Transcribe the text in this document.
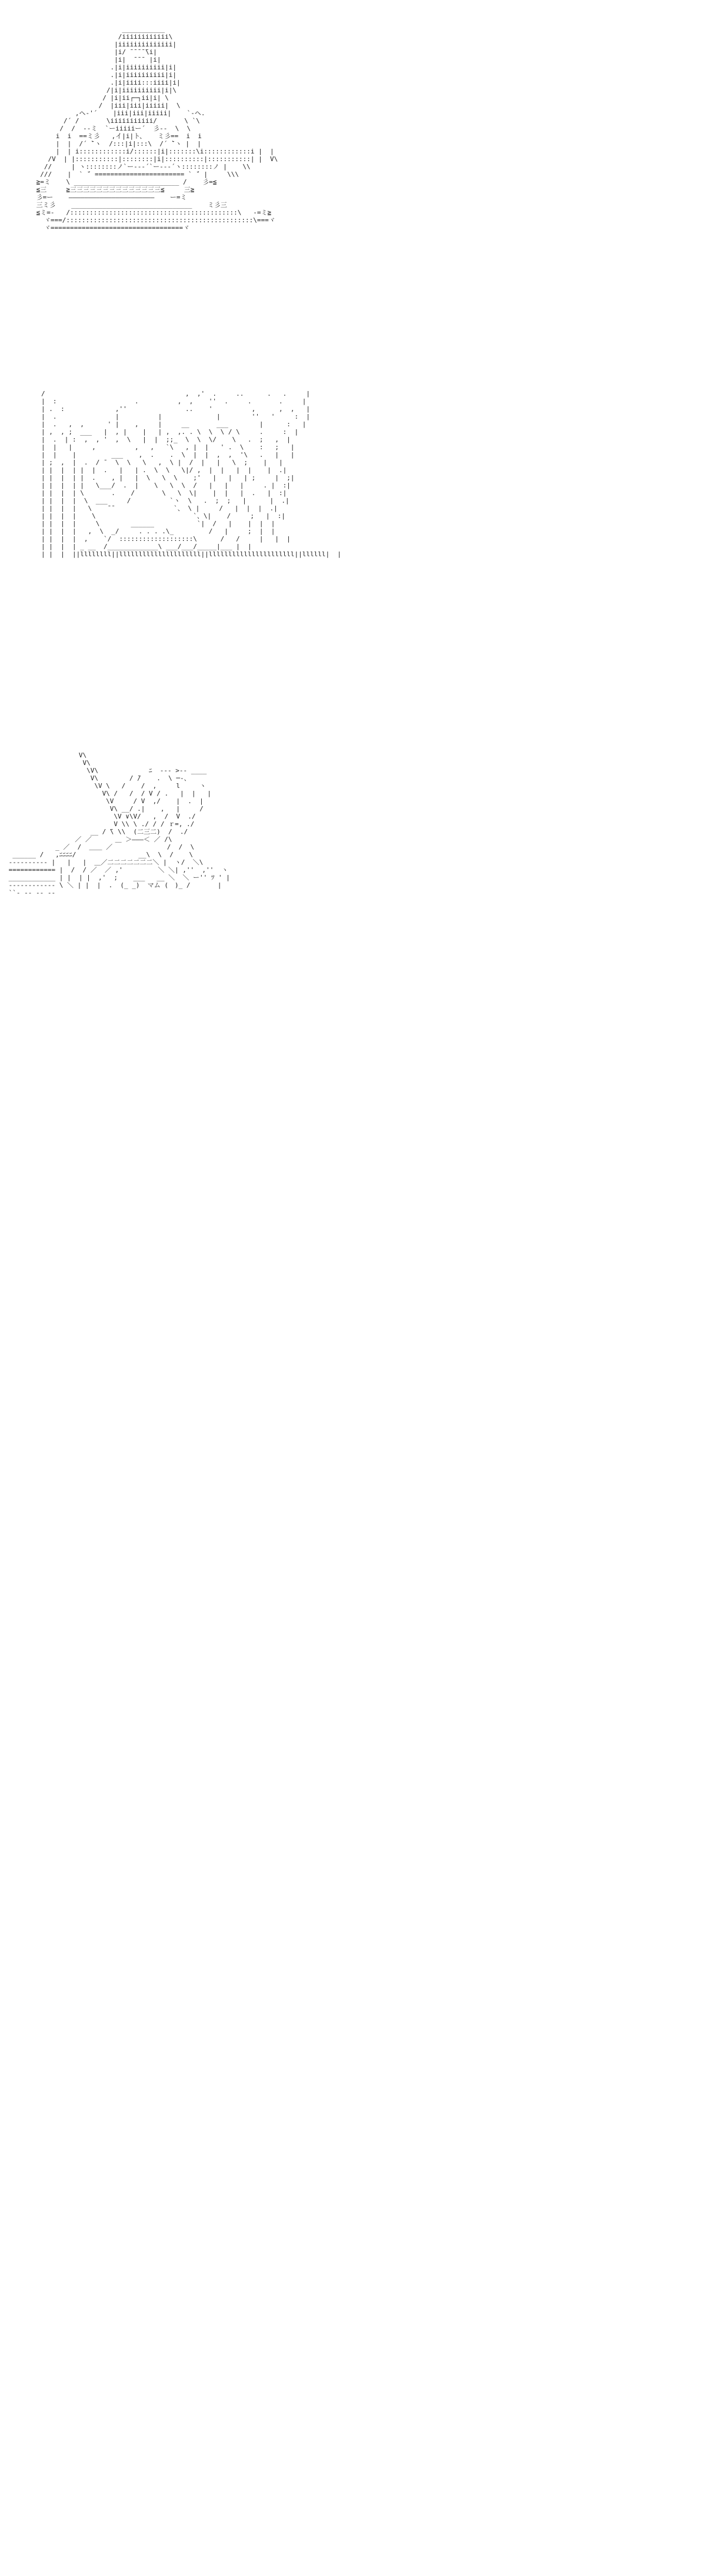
___________
/iiiiiiiiiiii\
|iiiiiiiiiiiiii|
|i/ ̄ ̄ ̄ ̄ ̄\i|
|i|  ̄ ̄ ̄  |i|
.|i|iiiiiiiiii|i|
.|i|iiiiiiiiii|i|
.|i|iiii:::iiii|i|
/|i|iiiiiiiiii|i|\
/ |i|ii┌─┐ii|i| \
/  |iii|iii|iiiii|  \
,ヘ‐'´    |iii|iii|iiiii|    `‐ヘ.
/´ /       \iiiiiiiiiii/       \ `\
/  /  ‐-ミ  `ーiiiiiー´  彡-‐  \  \
i  i  ==ミ彡   ,イ|i|ト、   ミ彡==  i  i
|  |  /´ ̄`ヽ  /:::|i|:::\  /´ ̄`ヽ |  |
|  | i::::::::::::i/::::::|i|:::::::\i::::::::::::i |  |
/V  | |:::::::::::|::::::::|i|::::::::::|:::::::::::| |  V\
//     | ヽ::::::::ノ`ー--‐´`ー--‐´ヽ::::::::ノ |    \\
///    |  ` ̄´ ======================= ` ̄´ |     \\\
≧=ミ    \ ___________________________ /    彡=≦
≦三     ≧三三三三三三三三三三三三三三≦     三≧
彡=ー    ――――――――――――――――――――――    ー=ミ
三ミ彡    _______________________________    ミ彡三
≦ミ=‐   /:::::::::::::::::::::::::::::::::::::::::::\   ‐=ミ≧
ヾ===/::::::::::::::::::::::::::::::::::::::::::::::::\===ヾ
ヾ==================================ヾ

/                                    ,  ,'  .     ..      .   .     |
|  :                    .          ,  ,    ''  .     .       .     |
| .  :             ,''               ..    '          ,      ,  ,   |
|  .               |          |              |        ''   '     :  |
|  .   ,  ,      ' |    ,     |     __       ___        |      :   |
| ,  , ;  ___   |  , |    |   | ,  ,. . \  \  \ / \     .     :  |
|  .  | :  ,  , '  ,  \   |  |  ;;_  \  \  \/    \   .  ;   ,  |
|  |   |     ,          ,   ,   `\   , |  |   ' .  \    :   ;   |
|  |    |         ___    ,  .    .  \  |  |  ,  ,  '\   .   |   |
| ;  ,  |  .  / ̄   \  \   \   ,  \ |  /  |   |   \  ;    |   |
| |  |  | |  |  .   |   | .  \  \   \|/ ,  |  |   |  |    |  .|
| |  |  | |  .    , |   |  \   \  \    ;'   |   |   | ;     |  ;|
| |  |  | |   \___/  .  |    \   \  \  /   |   |   |     . |  :|
| |  |  | \       .    /       \   \  \|    |  |   |  .   |  :|
| |  |  |  \  ___     /          `ヽ  \   .  ;  ;   |      |  .|
| |  |  |   \    ̄ ̄                `、 \ |     /   |  |  |  .|
| |  |  |    \                         `、\|    /     ;   |  :|
| |  |  |     \        ______           `|  /   |    |  |  |
| |  |  |   ,  \  _/     . . . .\_         /   |     ;  |  |
| |  |  |  ,    `/  :::::::::::::::::::\      /   /     |   |  |
| |  |  | _ __  /_____________\ ___/___/_____|___ |  |
| |  |  ||llllllll||lllllllllllllllllllll||llllllllllllllllllllll||llllll|  |

V\
V\
\V\             ﾆ  ‐‐‐ >‐‐ ____
V\        / ̄/    .  \ ─‐、
\V \   /    /  ,     l     ヽ
V\ /   /  / V / .   |  |   |
\V     / V  ,/    |  .  |
V\ __/ .|    ,   |     /
\V ∨\V/   ,  /  V  ./
V \\ \ ./ / / ｒ=, ./
__ / ̄\ \\  (二三二)  /  ./
／ ／      ＿ ＞―――＜ ／ /\
_ ／  /  ＿＿ ／              /  /  \
______ /   ,ﾆﾆﾆﾆ/                __\  \  /    \
‐‐‐‐‐‐‐‐‐‐ |   |   |  ＿／二二二二二二二＼ |  ヽ/  ＼\
============ |  /  / ／  ／ ,'         ＼ ＼| ,''  ,''  ヽ
____________ | |  | |  ,'  ;    ___   __ ＼  ＼ ー'' ﾂ ' |
‐‐‐‐‐‐‐‐‐‐‐‐ \ ＼ | |  |  .  (_ _)  マム (　)_ /       |
``‐ ‐‐ ‐‐ ‐‐
